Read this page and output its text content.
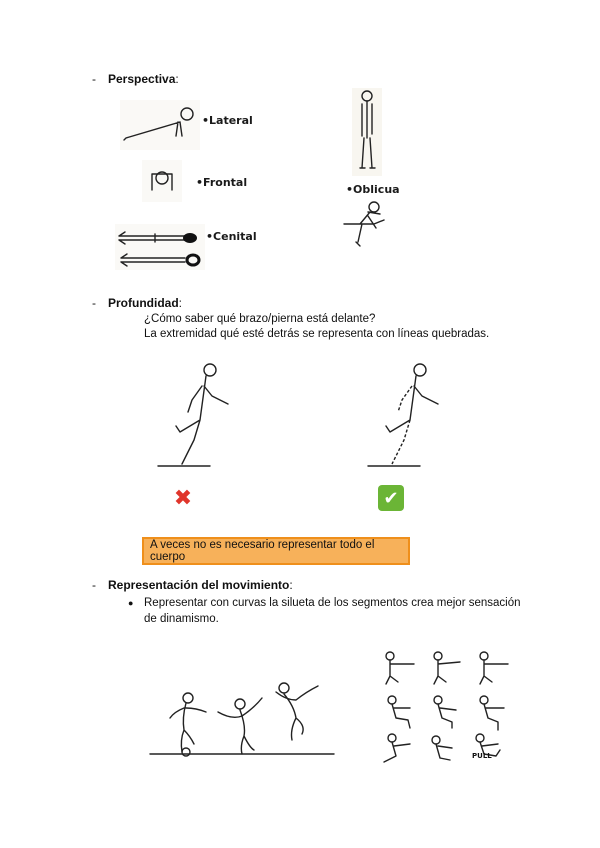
- Perspectiva:
•Lateral
•Frontal
•Cenital
•Oblicua
- Profundidad:
¿Cómo saber qué brazo/pierna está delante?
La extremidad qué esté detrás se representa con líneas quebradas.
✖	✔
A veces no es necesario representar todo el cuerpo
- Representación del movimiento:
● Representar con curvas la silueta de los segmentos crea mejor sensación de dinamismo.
PULL
